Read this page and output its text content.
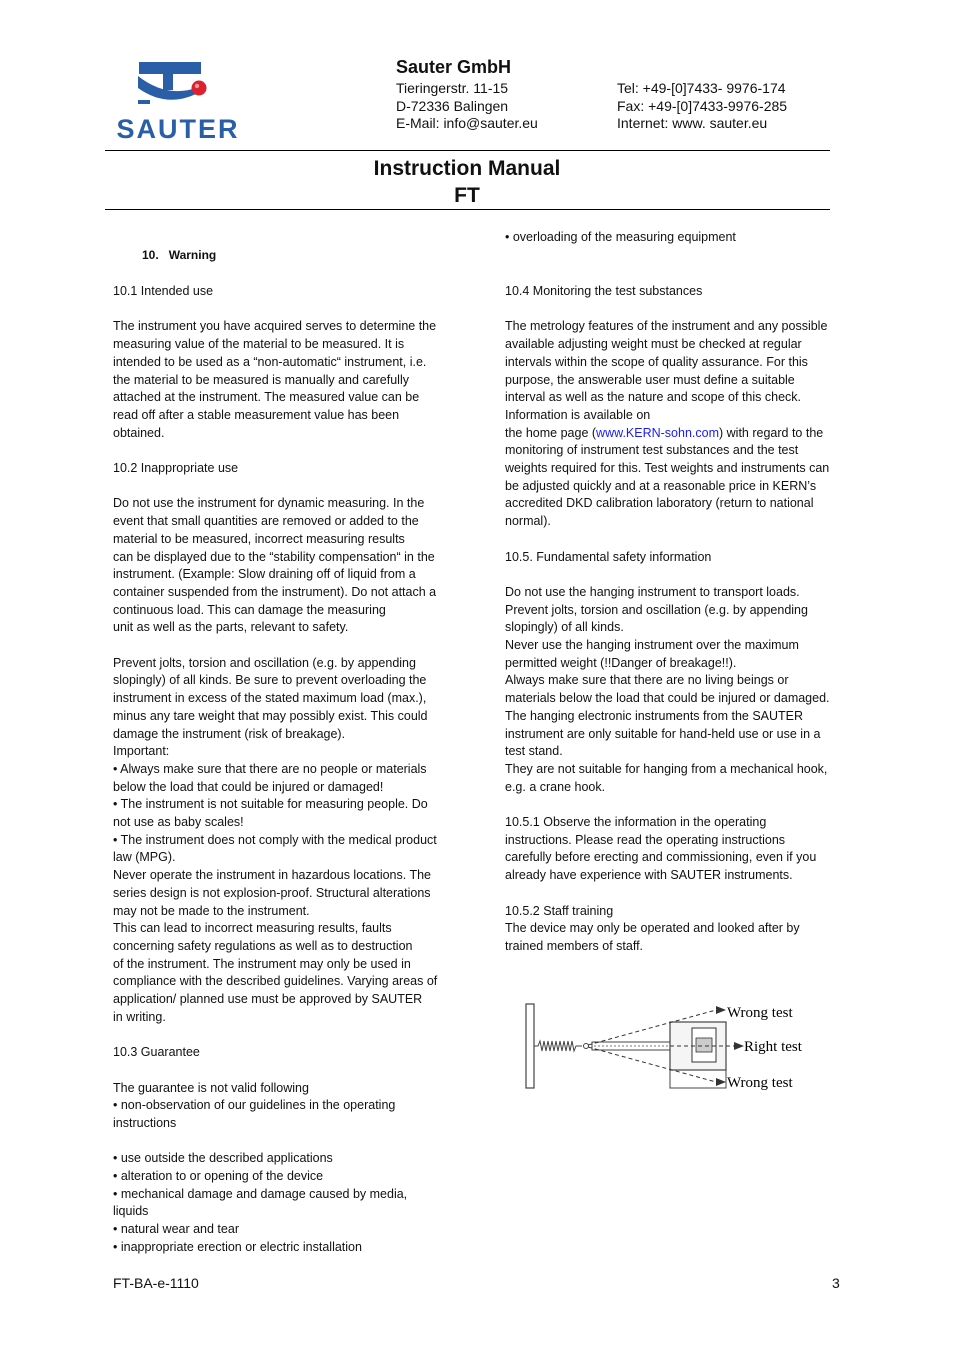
SAUTER
Sauter GmbH
Tieringerstr. 11-15
D-72336 Balingen
E-Mail: info@sauter.eu
Tel: +49-[0]7433- 9976-174
Fax: +49-[0]7433-9976-285
Internet: www. sauter.eu
Instruction Manual
FT
10. Warning

10.1 Intended use

The instrument you have acquired serves to determine the
measuring value of the material to be measured. It is
intended to be used as a “non-automatic“ instrument, i.e.
the material to be measured is manually and carefully
attached at the instrument. The measured value can be
read off after a stable measurement value has been
obtained.

10.2 Inappropriate use

Do not use the instrument for dynamic measuring. In the
event that small quantities are removed or added to the
material to be measured, incorrect measuring results
can be displayed due to the “stability compensation“ in the
instrument. (Example: Slow draining off of liquid from a
container suspended from the instrument). Do not attach a
continuous load. This can damage the measuring
unit as well as the parts, relevant to safety.

Prevent jolts, torsion and oscillation (e.g. by appending
slopingly) of all kinds. Be sure to prevent overloading the
instrument in excess of the stated maximum load (max.),
minus any tare weight that may possibly exist. This could
damage the instrument (risk of breakage).
Important:
• Always make sure that there are no people or materials
below the load that could be injured or damaged!
• The instrument is not suitable for measuring people. Do
not use as baby scales!
• The instrument does not comply with the medical product
law (MPG).
Never operate the instrument in hazardous locations. The
series design is not explosion-proof. Structural alterations
may not be made to the instrument.
This can lead to incorrect measuring results, faults
concerning safety regulations as well as to destruction
of the instrument. The instrument may only be used in
compliance with the described guidelines. Varying areas of
application/ planned use must be approved by SAUTER
in writing.

10.3 Guarantee

The guarantee is not valid following
• non-observation of our guidelines in the operating
instructions

• use outside the described applications
• alteration to or opening of the device
• mechanical damage and damage caused by media,
liquids
• natural wear and tear
• inappropriate erection or electric installation

• overloading of the measuring equipment

10.4 Monitoring the test substances

The metrology features of the instrument and any possible
available adjusting weight must be checked at regular
intervals within the scope of quality assurance. For this
purpose, the answerable user must define a suitable
interval as well as the nature and scope of this check.
Information is available on

the home page (www.KERN-sohn.com) with regard to the

monitoring of instrument test substances and the test
weights required for this. Test weights and instruments can
be adjusted quickly and at a reasonable price in KERN’s
accredited DKD calibration laboratory (return to national
normal).

10.5. Fundamental safety information

Do not use the hanging instrument to transport loads.
Prevent jolts, torsion and oscillation (e.g. by appending
slopingly) of all kinds.
Never use the hanging instrument over the maximum
permitted weight (!!Danger of breakage!!).
Always make sure that there are no living beings or
materials below the load that could be injured or damaged.
The hanging electronic instruments from the SAUTER
instrument are only suitable for hand-held use or use in a
test stand.
They are not suitable for hanging from a mechanical hook,
e.g. a crane hook.

10.5.1 Observe the information in the operating
instructions. Please read the operating instructions
carefully before erecting and commissioning, even if you
already have experience with SAUTER instruments.

10.5.2 Staff training
The device may only be operated and looked after by
trained members of staff.

Wrong test
Right test
Wrong test
FT-BA-e-1110	3
